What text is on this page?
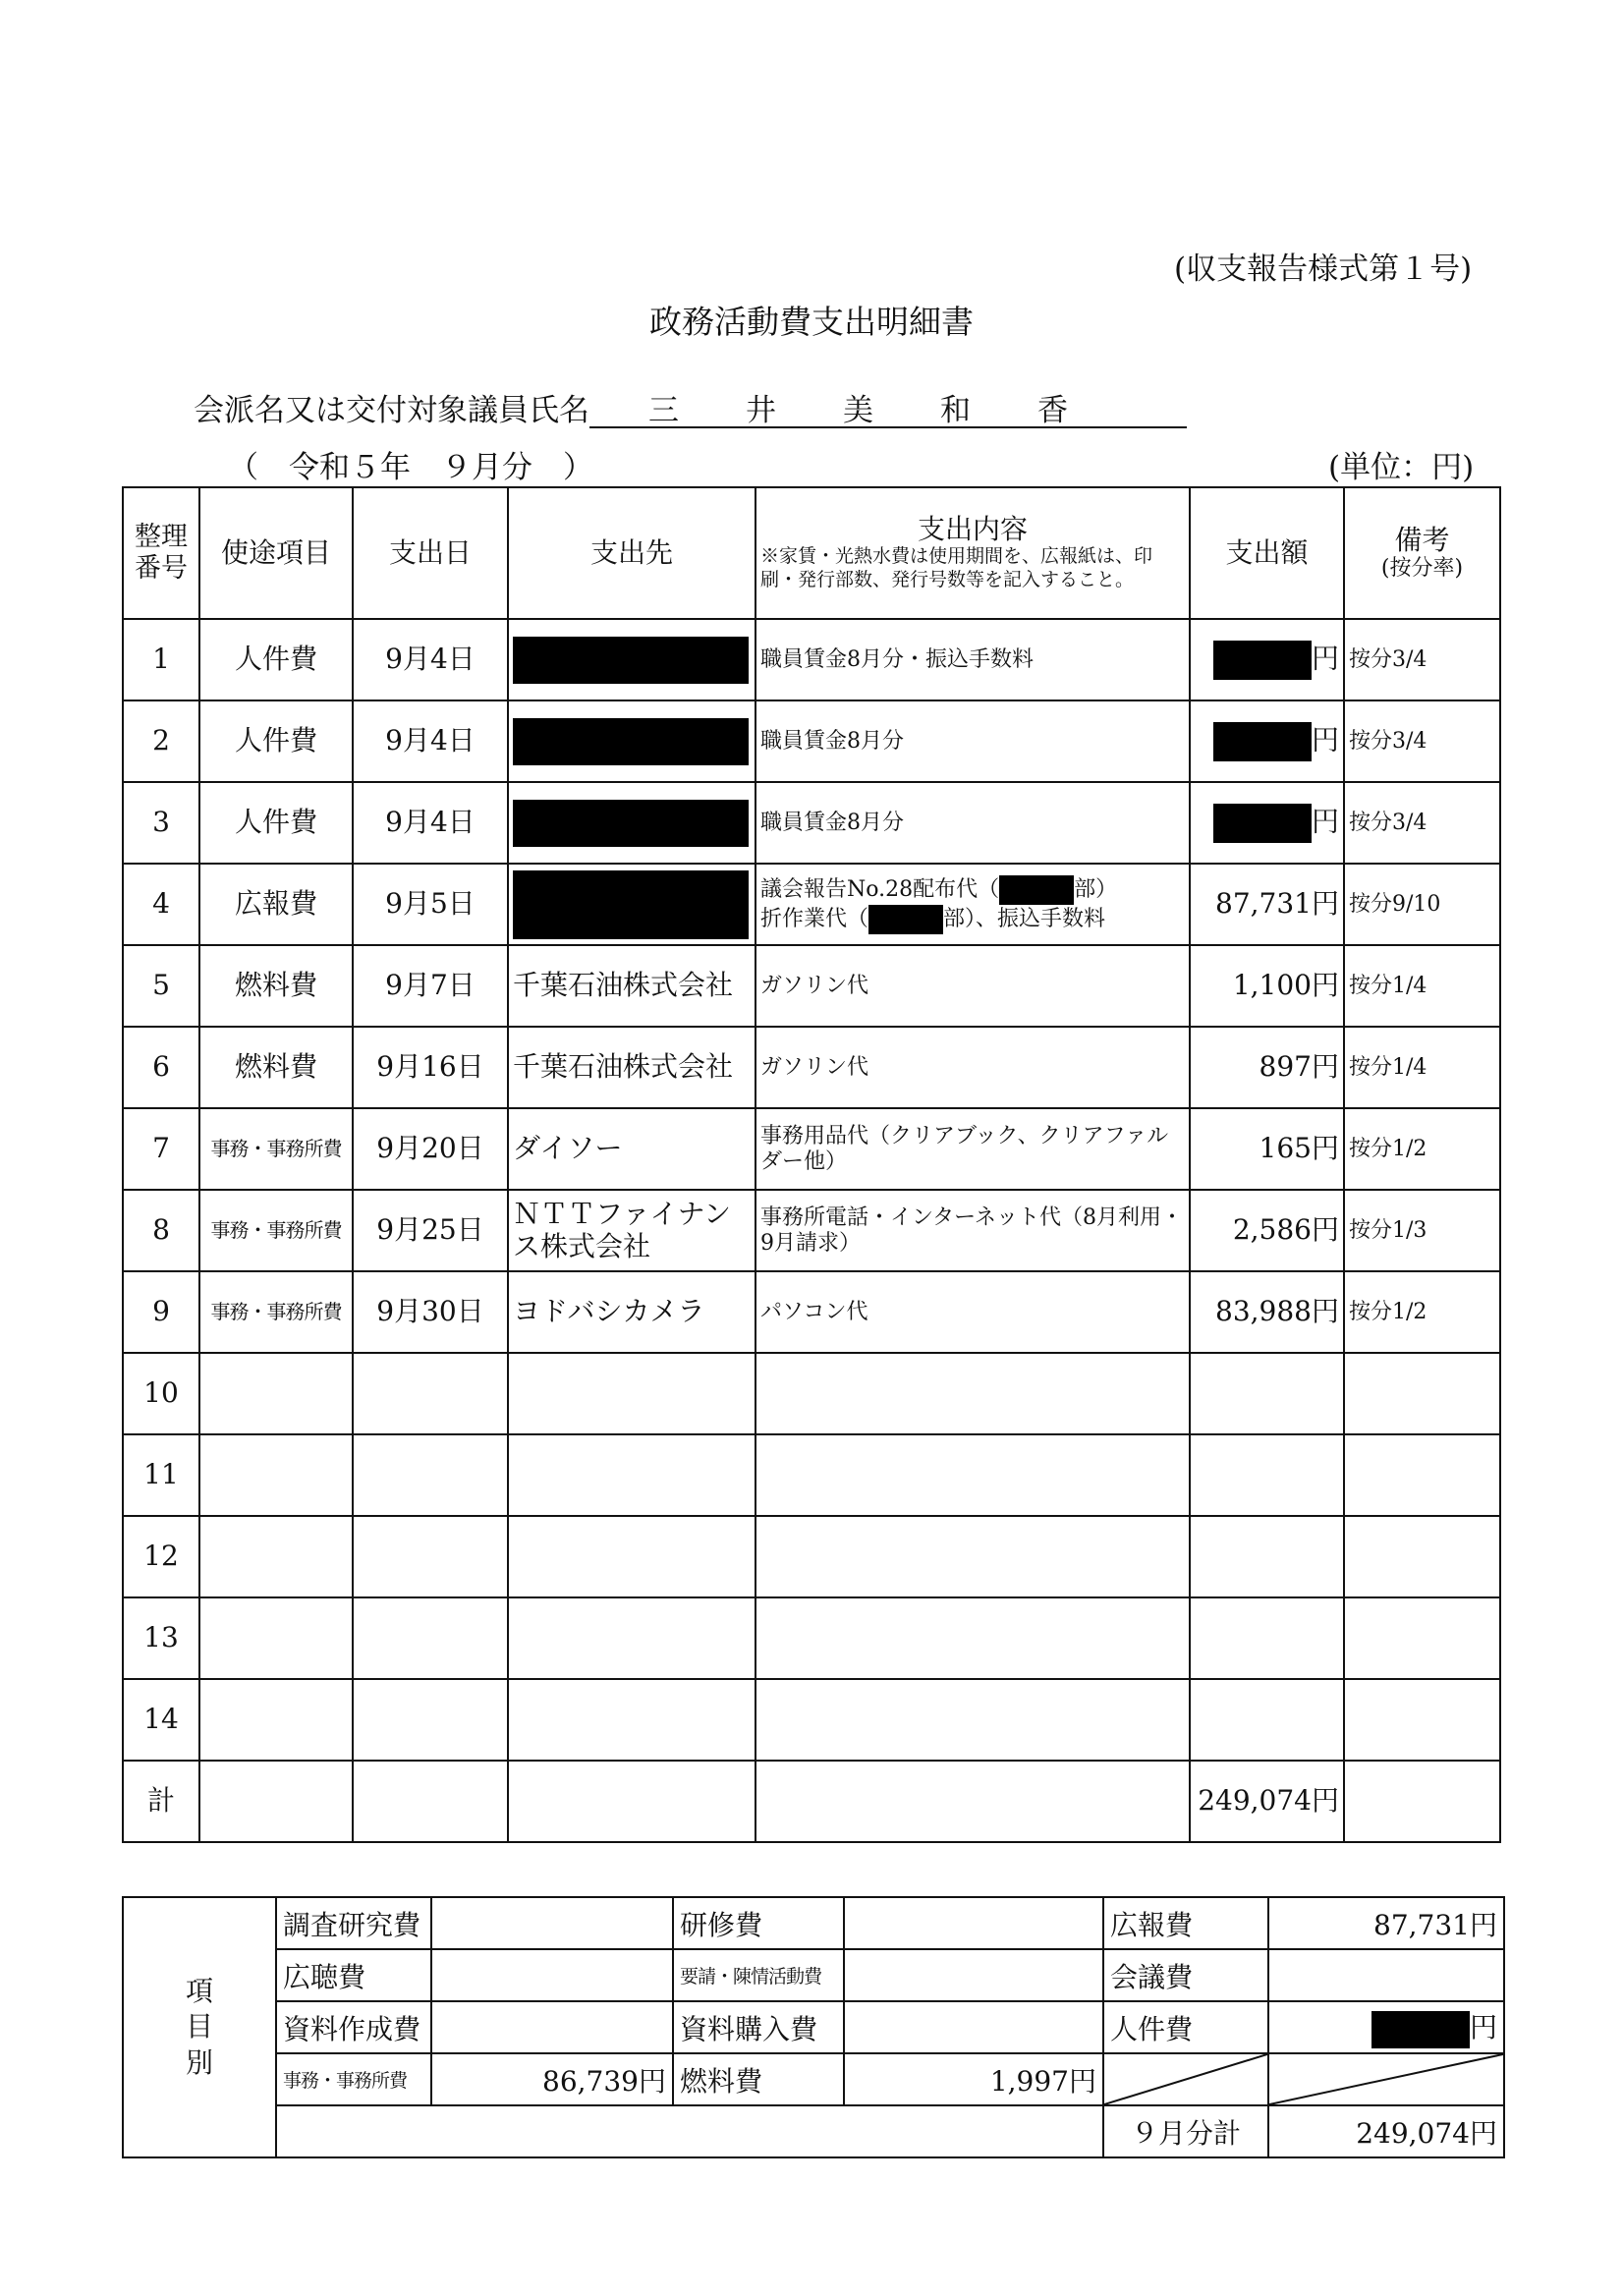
(収支報告様式第１号)
政務活動費支出明細書
会派名又は交付対象議員氏名	三井美和香
（　令和５年　９月分　）	(単位：円)
整理番号	使途項目	支出日	支出先	支出内容
※家賃・光熱水費は使用期間を、広報紙は、印刷・発行部数、発行号数等を記入すること。	支出額	備考
(按分率)

1	人件費	9月4日		職員賃金8月分・振込手数料	円	按分3/4
2	人件費	9月4日		職員賃金8月分	円	按分3/4
3	人件費	9月4日		職員賃金8月分	円	按分3/4
4	広報費	9月5日		議会報告No.28配布代（ 部）
折作業代（ 部）、振込手数料	87,731円	按分9/10
5	燃料費	9月7日	千葉石油株式会社	ガソリン代	1,100円	按分1/4
6	燃料費	9月16日	千葉石油株式会社	ガソリン代	897円	按分1/4
7	事務・事務所費	9月20日	ダイソー	事務用品代（クリアブック、クリアファルダー他）	165円	按分1/2
8	事務・事務所費	9月25日	ＮＴＴファイナンス株式会社	事務所電話・インターネット代（8月利用・9月請求）	2,586円	按分1/3
9	事務・事務所費	9月30日	ヨドバシカメラ	パソコン代	83,988円	按分1/2
10						
11						
12						
13						
14						
計					249,074円	
項目別	調査研究費		研修費		広報費	87,731円
	広聴費		要請・陳情活動費		会議費	
	資料作成費		資料購入費		人件費	円
	事務・事務所費	86,739円	燃料費	1,997円	

					９月分計	249,074円
